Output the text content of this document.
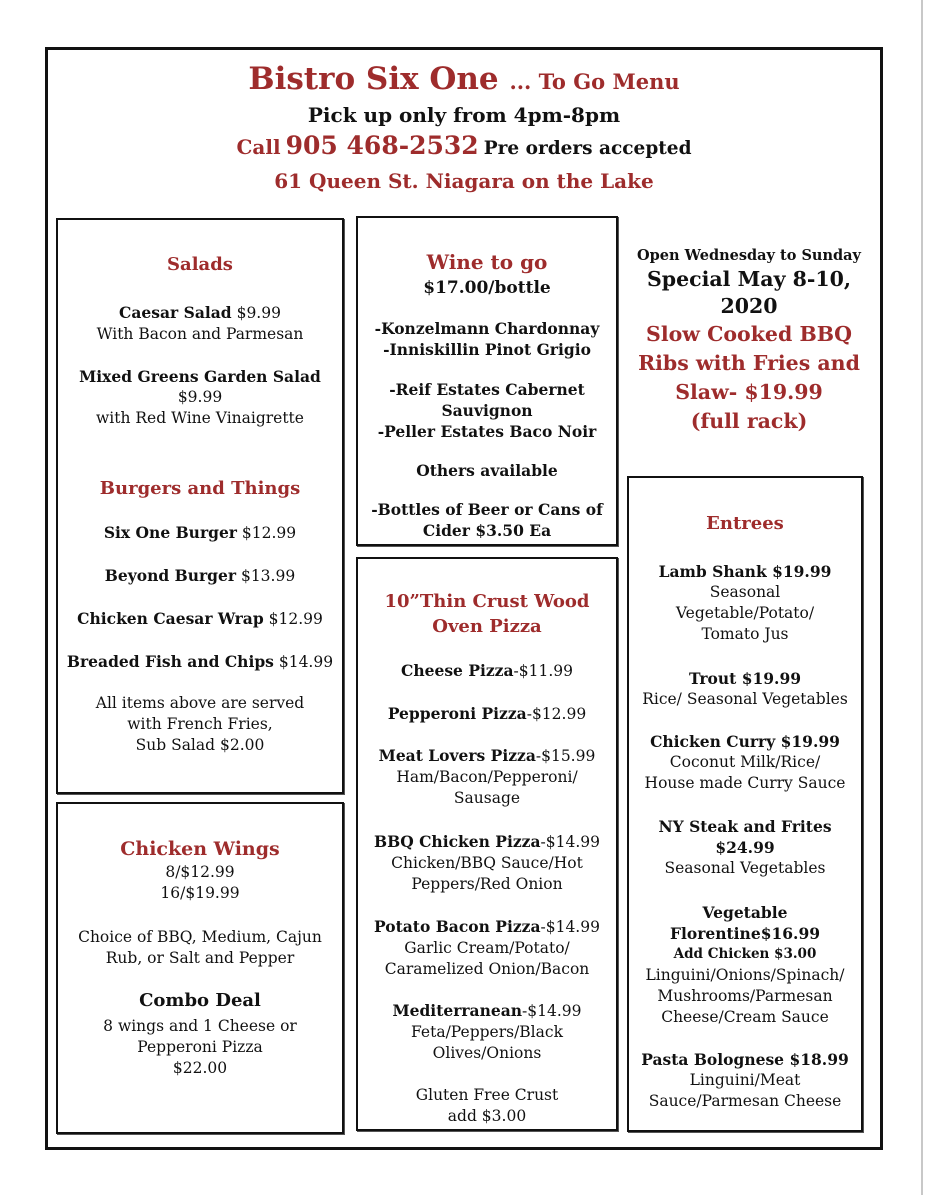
Bistro Six One ... To Go Menu
Pick up only from 4pm-8pm
Call 905 468-2532 Pre orders accepted
61 Queen St. Niagara on the Lake
Salads
Caesar Salad $9.99
With Bacon and Parmesan
Mixed Greens Garden Salad
$9.99
with Red Wine Vinaigrette
Burgers and Things
Six One Burger $12.99
Beyond Burger $13.99
Chicken Caesar Wrap $12.99
Breaded Fish and Chips $14.99
All items above are served
with French Fries,
Sub Salad $2.00
Chicken Wings
8/$12.99
16/$19.99
Choice of BBQ, Medium, Cajun
Rub, or Salt and Pepper
Combo Deal
8 wings and 1 Cheese or
Pepperoni Pizza
$22.00
Wine to go
$17.00/bottle
-Konzelmann Chardonnay
-Inniskillin Pinot Grigio
-Reif Estates Cabernet
Sauvignon
-Peller Estates Baco Noir
Others available
-Bottles of Beer or Cans of
Cider $3.50 Ea
10”Thin Crust Wood
Oven Pizza
Cheese Pizza-$11.99
Pepperoni Pizza-$12.99
Meat Lovers Pizza-$15.99
Ham/Bacon/Pepperoni/
Sausage
BBQ Chicken Pizza-$14.99
Chicken/BBQ Sauce/Hot
Peppers/Red Onion
Potato Bacon Pizza-$14.99
Garlic Cream/Potato/
Caramelized Onion/Bacon
Mediterranean-$14.99
Feta/Peppers/Black
Olives/Onions
Gluten Free Crust
add $3.00
Open Wednesday to Sunday
Special May 8-10,
2020
Slow Cooked BBQ
Ribs with Fries and
Slaw- $19.99
(full rack)
Entrees
Lamb Shank $19.99
Seasonal
Vegetable/Potato/
Tomato Jus
Trout $19.99
Rice/ Seasonal Vegetables
Chicken Curry $19.99
Coconut Milk/Rice/
House made Curry Sauce
NY Steak and Frites
$24.99
Seasonal Vegetables
Vegetable
Florentine$16.99
Add Chicken $3.00
Linguini/Onions/Spinach/
Mushrooms/Parmesan
Cheese/Cream Sauce
Pasta Bolognese $18.99
Linguini/Meat
Sauce/Parmesan Cheese
